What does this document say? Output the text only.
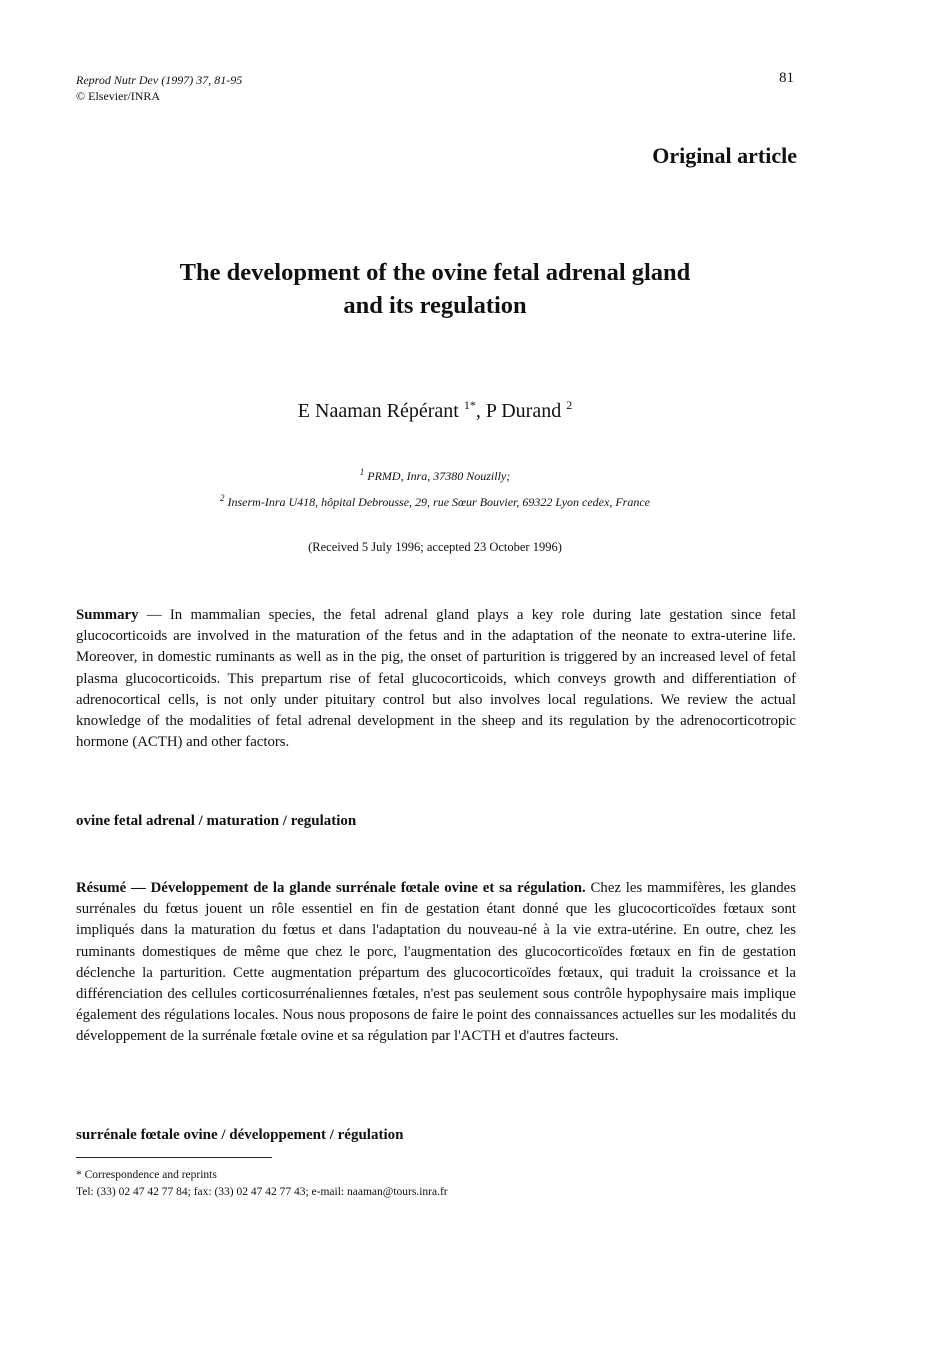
Reprod Nutr Dev (1997) 37, 81-95
© Elsevier/INRA
81
Original article
The development of the ovine fetal adrenal gland
and its regulation
E Naaman Répérant $^{1*}$, P Durand $^2$
$^1$ PRMD, Inra, 37380 Nouzilly;
$^2$ Inserm-Inra U418, hôpital Debrousse, 29, rue Sœur Bouvier, 69322 Lyon cedex, France
(Received 5 July 1996; accepted 23 October 1996)
Summary — In mammalian species, the fetal adrenal gland plays a key role during late gestation since fetal glucocorticoids are involved in the maturation of the fetus and in the adaptation of the neonate to extra-uterine life. Moreover, in domestic ruminants as well as in the pig, the onset of parturition is triggered by an increased level of fetal plasma glucocorticoids. This prepartum rise of fetal glucocorticoids, which conveys growth and differentiation of adrenocortical cells, is not only under pituitary control but also involves local regulations. We review the actual knowledge of the modalities of fetal adrenal development in the sheep and its regulation by the adrenocorticotropic hormone (ACTH) and other factors.
ovine fetal adrenal / maturation / regulation
Résumé — Développement de la glande surrénale fœtale ovine et sa régulation. Chez les mammifères, les glandes surrénales du fœtus jouent un rôle essentiel en fin de gestation étant donné que les glucocorticoïdes fœtaux sont impliqués dans la maturation du fœtus et dans l'adaptation du nouveau-né à la vie extra-utérine. En outre, chez les ruminants domestiques de même que chez le porc, l'augmentation des glucocorticoïdes fœtaux en fin de gestation déclenche la parturition. Cette augmentation prépartum des glucocorticoïdes fœtaux, qui traduit la croissance et la différenciation des cellules corticosurrénaliennes fœtales, n'est pas seulement sous contrôle hypophysaire mais implique également des régulations locales. Nous nous proposons de faire le point des connaissances actuelles sur les modalités du développement de la surrénale fœtale ovine et sa régulation par l'ACTH et d'autres facteurs.
surrénale fœtale ovine / développement / régulation
* Correspondence and reprints
Tel: (33) 02 47 42 77 84; fax: (33) 02 47 42 77 43; e-mail: naaman@tours.inra.fr
